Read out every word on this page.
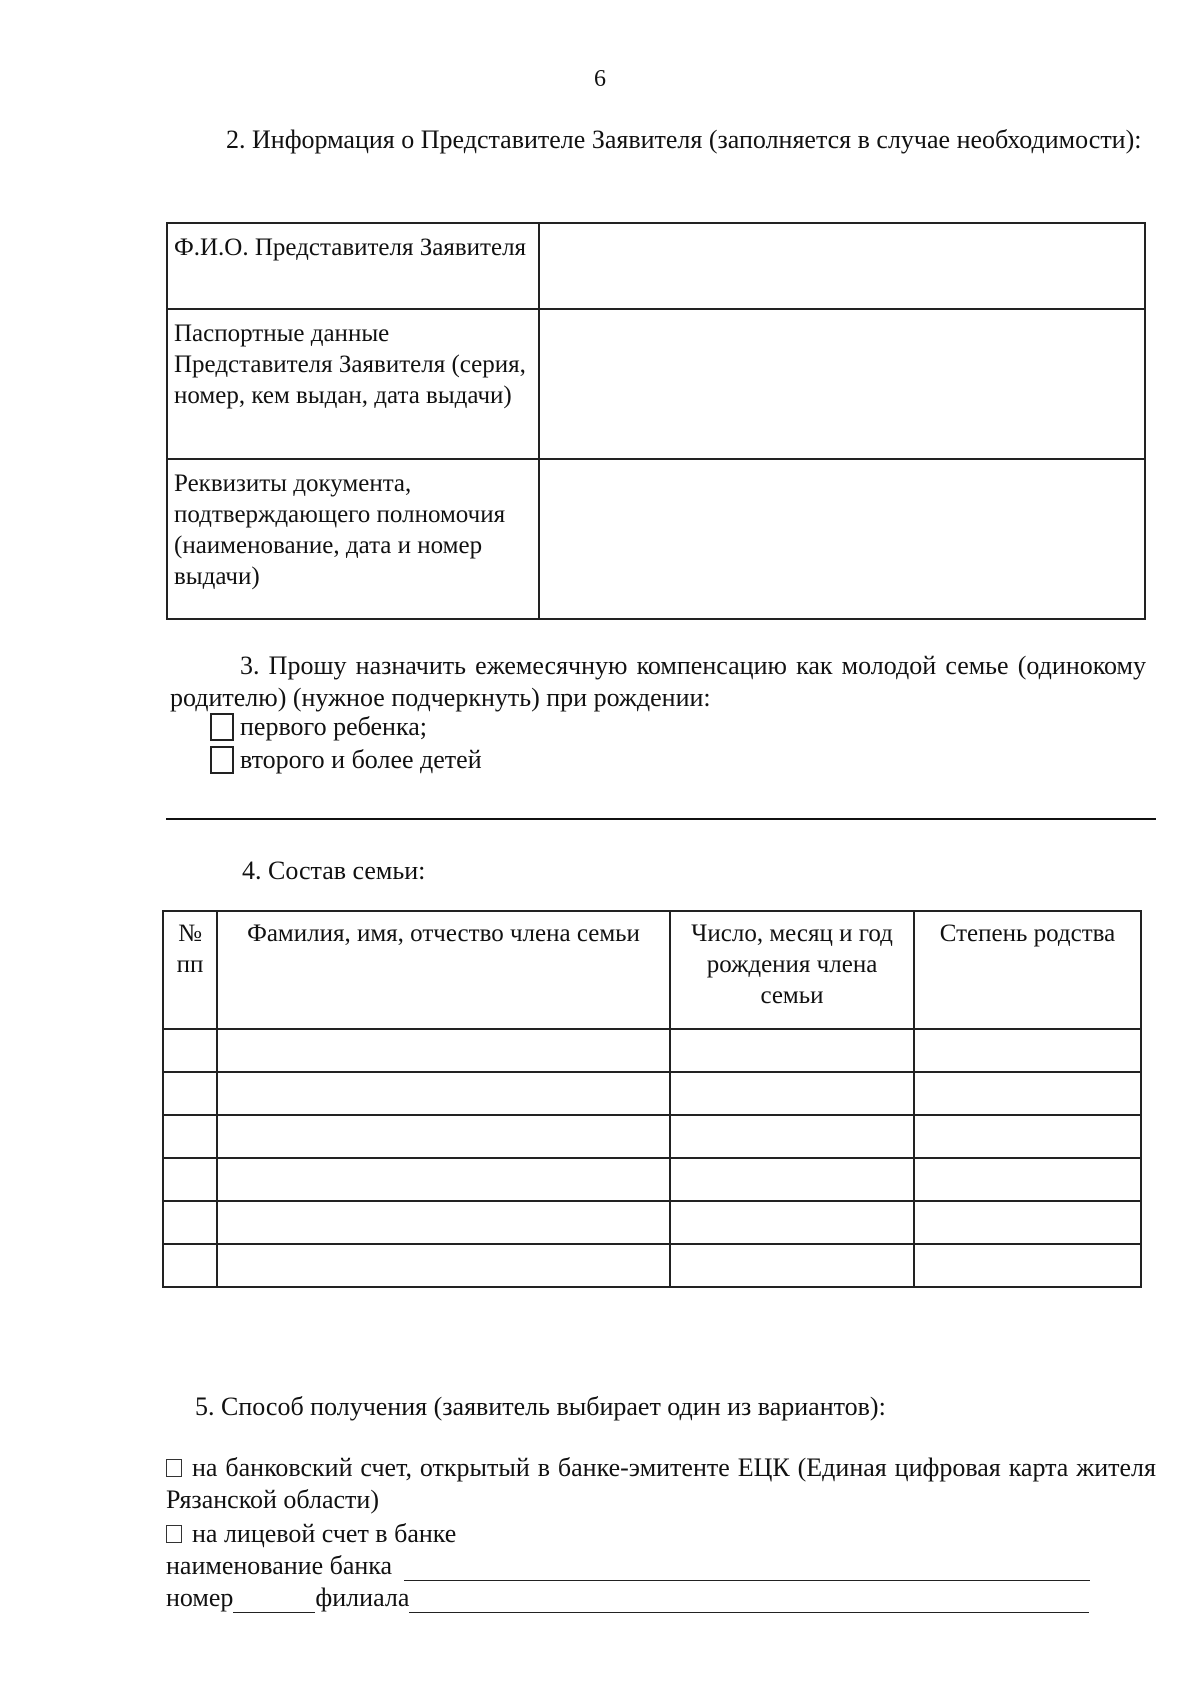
6
2. Информация о Представителе Заявителя (заполняется в случае необходимости):
Ф.И.О. Представителя Заявителя	
Паспортные данные Представителя Заявителя (серия, номер, кем выдан, дата выдачи)	
Реквизиты документа, подтверждающего полномочия (наименование, дата и номер выдачи)	
3. Прошу назначить ежемесячную компенсацию как молодой семье (одинокому родителю) (нужное подчеркнуть) при рождении:
первого ребенка;
второго и более детей
4. Состав семьи:
№ пп	Фамилия, имя, отчество члена семьи	Число, месяц и год рождения члена семьи	Степень родства

5. Способ получения (заявитель выбирает один из вариантов):
на банковский счет, открытый в банке-эмитенте ЕЦК (Единая цифровая карта жителя Рязанской области)
на лицевой счет в банке
наименование банка
номер	филиала
